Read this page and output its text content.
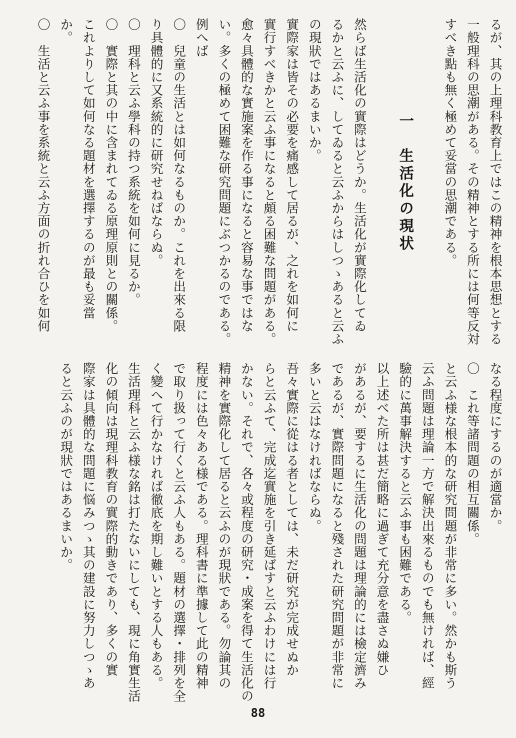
るが、其の上理科教育上ではこの精神を根本思想とする
一般理科の思潮がある。その精神とする所には何等反対
すべき點も無く極めて妥當の思潮である。
一　生活化の現状
然らば生活化の實際はどうか。生活化が實際化してゐ
るかと云ふに、してゐると云ふからはしつゝあると云ふ
の現狀ではあるまいか。
實際家は皆その必要を痛感して居るが、之れを如何に
實行すべきかと云ふ事になると頗る困難な問題がある。
愈々具體的な實施案を作る事になると容易な事ではな
い。多くの極めて困難な研究問題にぶつかるのである。
例へば
〇　兒童の生活とは如何なるものか。これを出來る限
り具體的に又系統的に研究せねばならぬ。
〇　理科と云ふ學科の持つ系統を如何に見るか。
〇　實際と其の中に含まれてゐる原理原則との關係。
これよりして如何なる題材を選擇するのが最も妥當
か。
〇　生活と云ふ事を系統と云ふ方面の折れ合ひを如何
なる程度にするのが適當か。
〇　これ等諸問題の相互關係。
と云ふ様な根本的な研究問題が非常に多い。然かも斯う
云ふ問題は理論一方で解決出來るものでも無ければ、經
驗的に萬事解決すると云ふ事も困難である。
以上述べた所は甚だ簡略に過ぎて充分意を盡さぬ嫌ひ
があるが、要するに生活化の問題は理論的には檢定濟み
であるが、實際問題になると殘された研究問題が非常に
多いと云はなければならぬ。
吾々實際に從はる者としては、未だ研究が完成せぬか
らと云ふて、完成迄實施を引き延ばすと云ふわけには行
かない。それで、各々或程度の研究・成案を得て生活化の
精神を實際化して居ると云ふのが現狀である。勿論其の
程度には色々ある様である。理科書に準據して此の精神
で取り扱って行くと云ふ人もある。題材の選擇・排列を全
く變へて行かなければ徹底を期し難いとする人もある。
生活理科と云ふ様な銘は打たないにしても、現に角實生活
化の傾向は現理科教育の實際的動きであり、多くの實
際家は具體的な問題に悩みつゝ其の建設に努力しつゝあ
ると云ふのが現狀ではあるまいか。
88
